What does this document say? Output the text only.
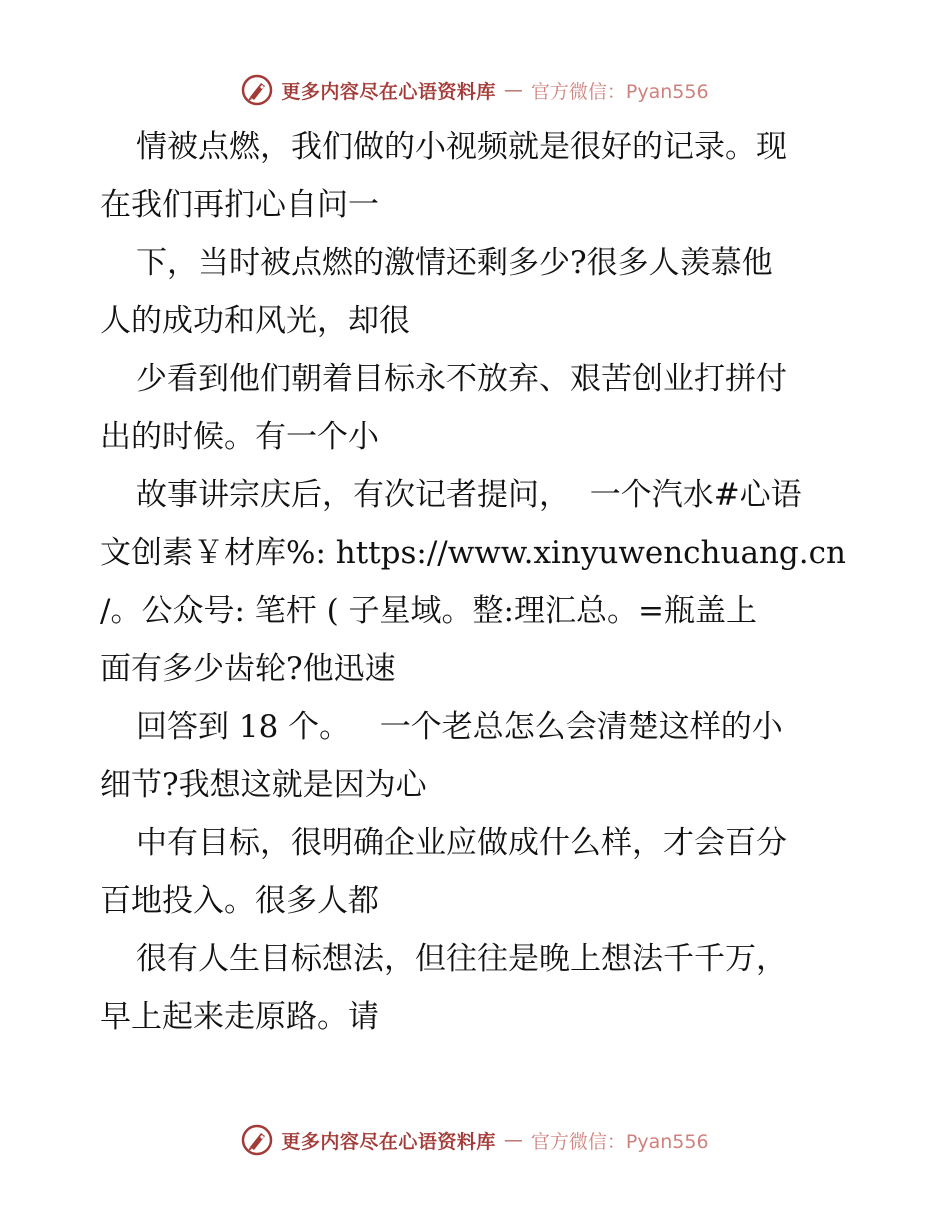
更多内容尽在心语资料库 — 官方微信：Pyan556
情被点燃，我们做的小视频就是很好的记录。现
在我们再扪心自问一
下，当时被点燃的激情还剩多少?很多人羡慕他
人的成功和风光，却很
少看到他们朝着目标永不放弃、艰苦创业打拼付
出的时候。有一个小
故事讲宗庆后，有次记者提问，  一个汽水#心语
文创素￥材库%: https://www.xinyuwenchuang.cn
/。公众号: 笔杆 ( 子星域。整:理汇总。=瓶盖上
面有多少齿轮?他迅速
回答到 18 个。   一个老总怎么会清楚这样的小
细节?我想这就是因为心
中有目标，很明确企业应做成什么样，才会百分
百地投入。很多人都
很有人生目标想法，但往往是晚上想法千千万，
早上起来走原路。请
更多内容尽在心语资料库 — 官方微信：Pyan556
